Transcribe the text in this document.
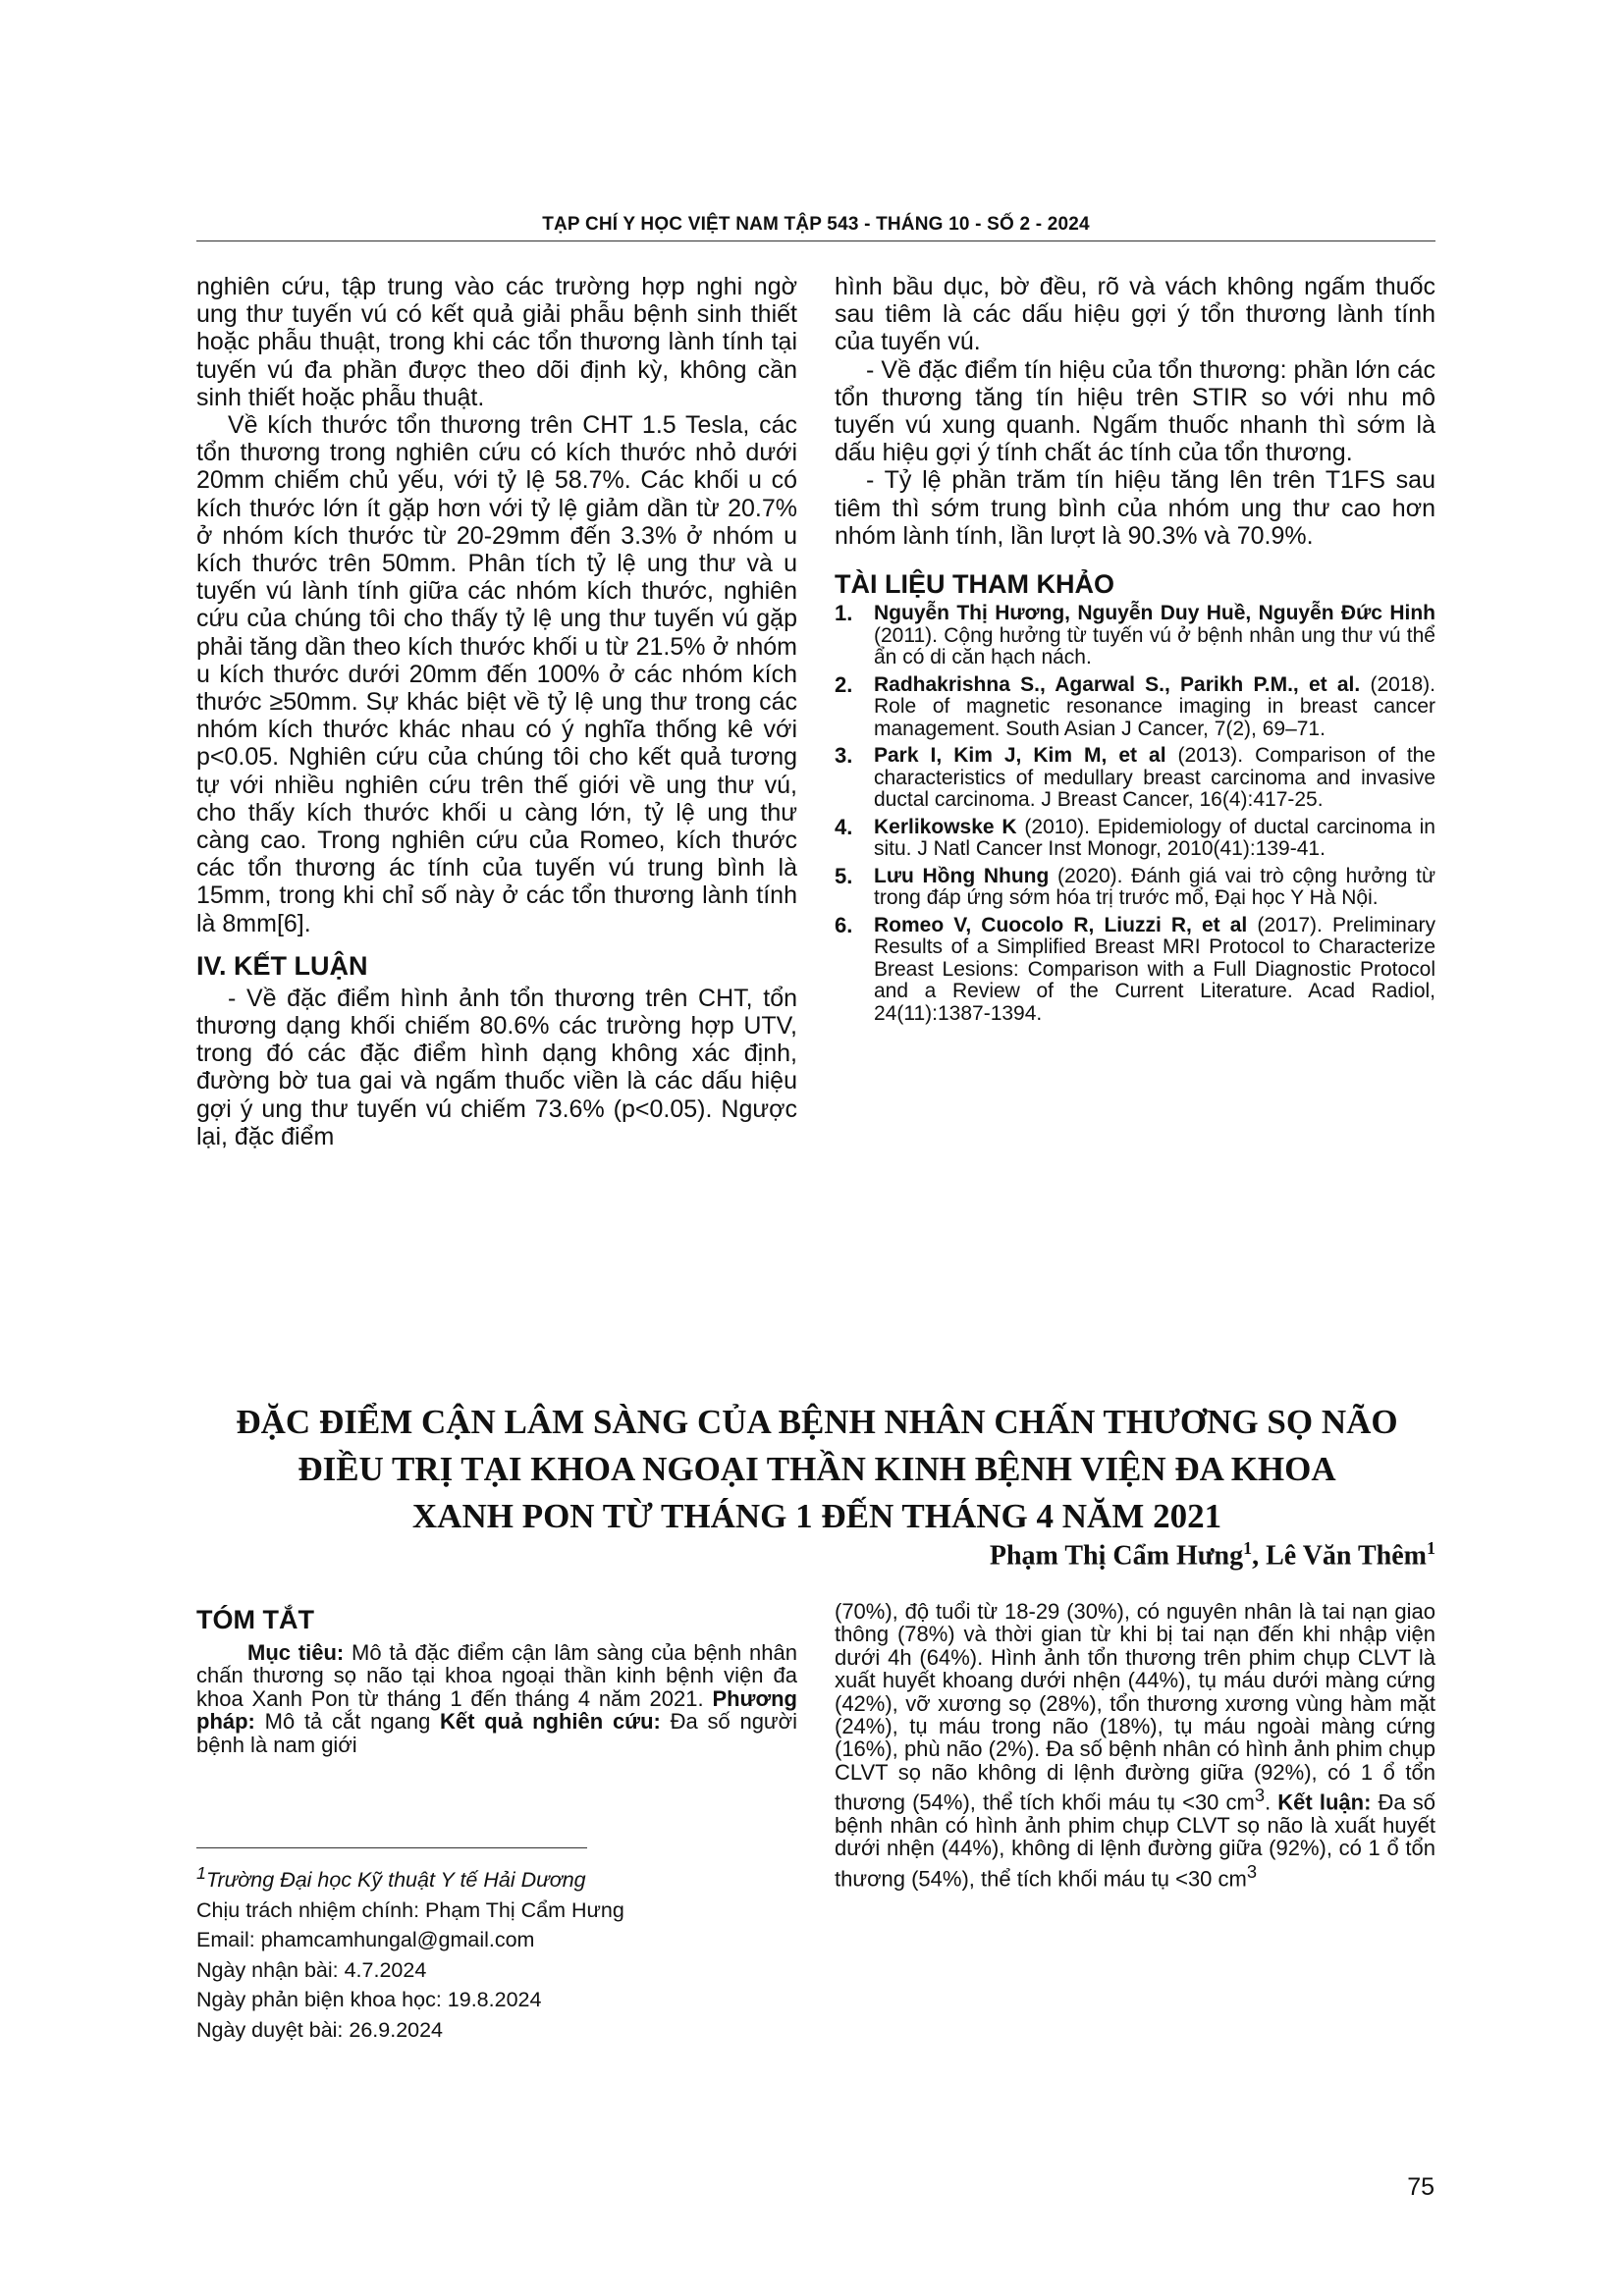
TẠP CHÍ Y HỌC VIỆT NAM TẬP 543 - THÁNG 10 - SỐ 2 - 2024

nghiên cứu, tập trung vào các trường hợp nghi ngờ ung thư tuyến vú có kết quả giải phẫu bệnh sinh thiết hoặc phẫu thuật, trong khi các tổn thương lành tính tại tuyến vú đa phần được theo dõi định kỳ, không cần sinh thiết hoặc phẫu thuật.

Về kích thước tổn thương trên CHT 1.5 Tesla, các tổn thương trong nghiên cứu có kích thước nhỏ dưới 20mm chiếm chủ yếu, với tỷ lệ 58.7%. Các khối u có kích thước lớn ít gặp hơn với tỷ lệ giảm dần từ 20.7% ở nhóm kích thước từ 20-29mm đến 3.3% ở nhóm u kích thước trên 50mm. Phân tích tỷ lệ ung thư và u tuyến vú lành tính giữa các nhóm kích thước, nghiên cứu của chúng tôi cho thấy tỷ lệ ung thư tuyến vú gặp phải tăng dần theo kích thước khối u từ 21.5% ở nhóm u kích thước dưới 20mm đến 100% ở các nhóm kích thước ≥50mm. Sự khác biệt về tỷ lệ ung thư trong các nhóm kích thước khác nhau có ý nghĩa thống kê với p<0.05. Nghiên cứu của chúng tôi cho kết quả tương tự với nhiều nghiên cứu trên thế giới về ung thư vú, cho thấy kích thước khối u càng lớn, tỷ lệ ung thư càng cao. Trong nghiên cứu của Romeo, kích thước các tổn thương ác tính của tuyến vú trung bình là 15mm, trong khi chỉ số này ở các tổn thương lành tính là 8mm[6].

IV. KẾT LUẬN

- Về đặc điểm hình ảnh tổn thương trên CHT, tổn thương dạng khối chiếm 80.6% các trường hợp UTV, trong đó các đặc điểm hình dạng không xác định, đường bờ tua gai và ngấm thuốc viền là các dấu hiệu gợi ý ung thư tuyến vú chiếm 73.6% (p<0.05). Ngược lại, đặc điểm

hình bầu dục, bờ đều, rõ và vách không ngấm thuốc sau tiêm là các dấu hiệu gợi ý tổn thương lành tính của tuyến vú.

- Về đặc điểm tín hiệu của tổn thương: phần lớn các tổn thương tăng tín hiệu trên STIR so với nhu mô tuyến vú xung quanh. Ngấm thuốc nhanh thì sớm là dấu hiệu gợi ý tính chất ác tính của tổn thương.

- Tỷ lệ phần trăm tín hiệu tăng lên trên T1FS sau tiêm thì sớm trung bình của nhóm ung thư cao hơn nhóm lành tính, lần lượt là 90.3% và 70.9%.

TÀI LIỆU THAM KHẢO
1.	Nguyễn Thị Hương, Nguyễn Duy Huề, Nguyễn Đức Hinh (2011). Cộng hưởng từ tuyến vú ở bệnh nhân ung thư vú thể ẩn có di căn hạch nách.
2.	Radhakrishna S., Agarwal S., Parikh P.M., et al. (2018). Role of magnetic resonance imaging in breast cancer management. South Asian J Cancer, 7(2), 69–71.
3.	Park I, Kim J, Kim M, et al (2013). Comparison of the characteristics of medullary breast carcinoma and invasive ductal carcinoma. J Breast Cancer, 16(4):417-25.
4.	Kerlikowske K (2010). Epidemiology of ductal carcinoma in situ. J Natl Cancer Inst Monogr, 2010(41):139-41.
5.	Lưu Hồng Nhung (2020). Đánh giá vai trò cộng hưởng từ trong đáp ứng sớm hóa trị trước mổ, Đại học Y Hà Nội.
6.	Romeo V, Cuocolo R, Liuzzi R, et al (2017). Preliminary Results of a Simplified Breast MRI Protocol to Characterize Breast Lesions: Comparison with a Full Diagnostic Protocol and a Review of the Current Literature. Acad Radiol, 24(11):1387-1394.
ĐẶC ĐIỂM CẬN LÂM SÀNG CỦA BỆNH NHÂN CHẤN THƯƠNG SỌ NÃO
ĐIỀU TRỊ TẠI KHOA NGOẠI THẦN KINH BỆNH VIỆN ĐA KHOA
XANH PON TỪ THÁNG 1 ĐẾN THÁNG 4 NĂM 2021
Phạm Thị Cẩm Hưng$^1$, Lê Văn Thêm$^1$
TÓM TẮT

Mục tiêu: Mô tả đặc điểm cận lâm sàng của bệnh nhân chấn thương sọ não tại khoa ngoại thần kinh bệnh viện đa khoa Xanh Pon từ tháng 1 đến tháng 4 năm 2021. Phương pháp: Mô tả cắt ngang Kết quả nghiên cứu: Đa số người bệnh là nam giới

(70%), độ tuổi từ 18-29 (30%), có nguyên nhân là tai nạn giao thông (78%) và thời gian từ khi bị tai nạn đến khi nhập viện dưới 4h (64%). Hình ảnh tổn thương trên phim chụp CLVT là xuất huyết khoang dưới nhện (44%), tụ máu dưới màng cứng (42%), vỡ xương sọ (28%), tổn thương xương vùng hàm mặt (24%), tụ máu trong não (18%), tụ máu ngoài màng cứng (16%), phù não (2%). Đa số bệnh nhân có hình ảnh phim chụp CLVT sọ não không di lệnh đường giữa (92%), có 1 ổ tổn thương (54%), thể tích khối máu tụ <30 $cm^3$. Kết luận: Đa số bệnh nhân có hình ảnh phim chụp CLVT sọ não là xuất huyết dưới nhện (44%), không di lệnh đường giữa (92%), có 1 ổ tổn thương (54%), thể tích khối máu tụ <30 $cm^3$

$^1$Trường Đại học Kỹ thuật Y tế Hải Dương
Chịu trách nhiệm chính: Phạm Thị Cẩm Hưng
Email: phamcamhungal@gmail.com
Ngày nhận bài: 4.7.2024
Ngày phản biện khoa học: 19.8.2024
Ngày duyệt bài: 26.9.2024
75
